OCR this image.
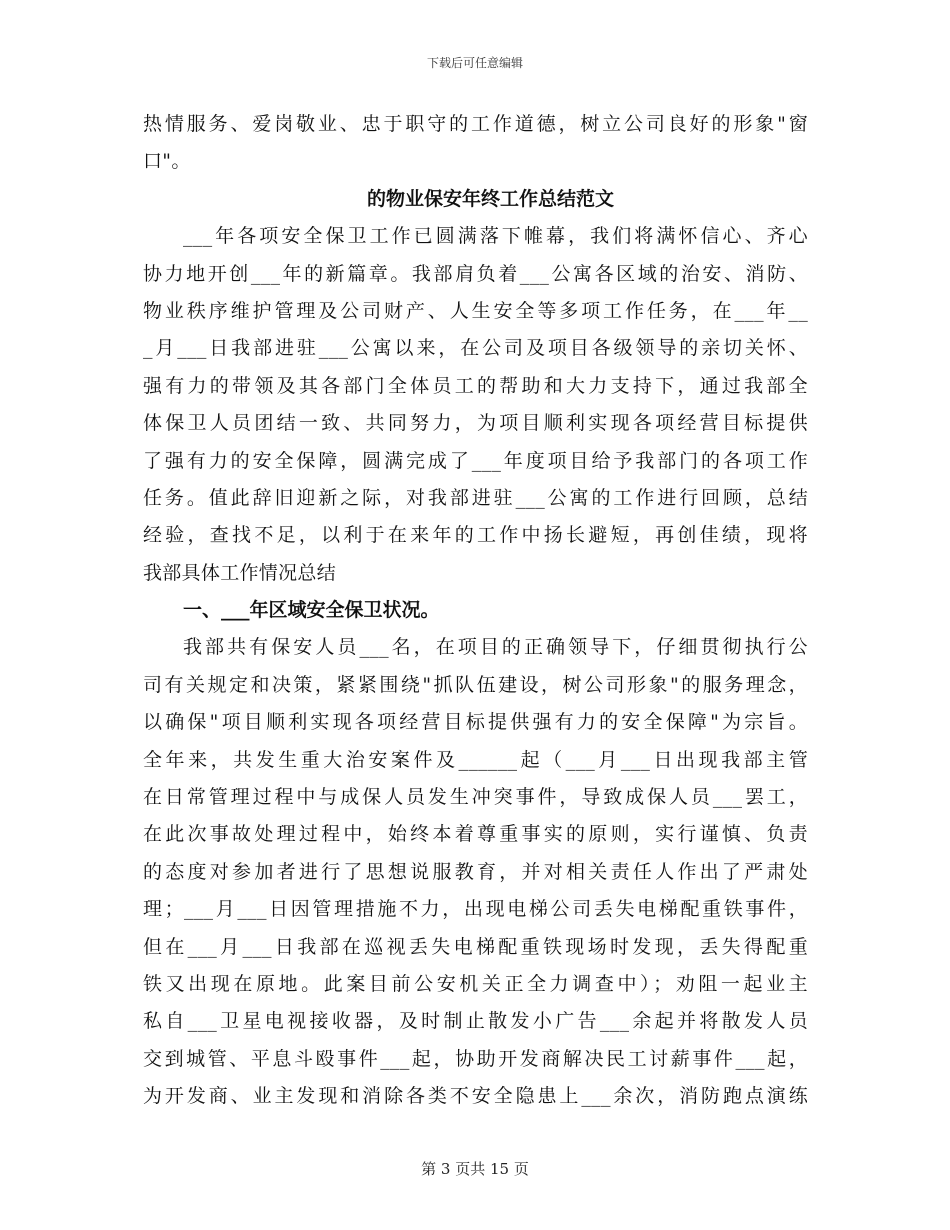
下载后可任意编辑
热情服务、爱岗敬业、忠于职守的工作道德，树立公司良好的形象"窗
口"。
的物业保安年终工作总结范文
___年各项安全保卫工作已圆满落下帷幕，我们将满怀信心、齐心
协力地开创___年的新篇章。我部肩负着___公寓各区域的治安、消防、
物业秩序维护管理及公司财产、人生安全等多项工作任务，在___年__
_月___日我部进驻___公寓以来，在公司及项目各级领导的亲切关怀、
强有力的带领及其各部门全体员工的帮助和大力支持下，通过我部全
体保卫人员团结一致、共同努力，为项目顺利实现各项经营目标提供
了强有力的安全保障，圆满完成了___年度项目给予我部门的各项工作
任务。值此辞旧迎新之际，对我部进驻___公寓的工作进行回顾，总结
经验，查找不足，以利于在来年的工作中扬长避短，再创佳绩，现将
我部具体工作情况总结
一、___年区域安全保卫状况。
我部共有保安人员___名，在项目的正确领导下，仔细贯彻执行公
司有关规定和决策，紧紧围绕"抓队伍建设，树公司形象"的服务理念，
以确保"项目顺利实现各项经营目标提供强有力的安全保障"为宗旨。
全年来，共发生重大治安案件及______起（___月___日出现我部主管
在日常管理过程中与成保人员发生冲突事件，导致成保人员___罢工，
在此次事故处理过程中，始终本着尊重事实的原则，实行谨慎、负责
的态度对参加者进行了思想说服教育，并对相关责任人作出了严肃处
理；___月___日因管理措施不力，出现电梯公司丢失电梯配重铁事件，
但在___月___日我部在巡视丢失电梯配重铁现场时发现，丢失得配重
铁又出现在原地。此案目前公安机关正全力调查中）；劝阻一起业主
私自___卫星电视接收器，及时制止散发小广告___余起并将散发人员
交到城管、平息斗殴事件___起，协助开发商解决民工讨薪事件___起，
为开发商、业主发现和消除各类不安全隐患上___余次，消防跑点演练
第 3 页共 15 页
